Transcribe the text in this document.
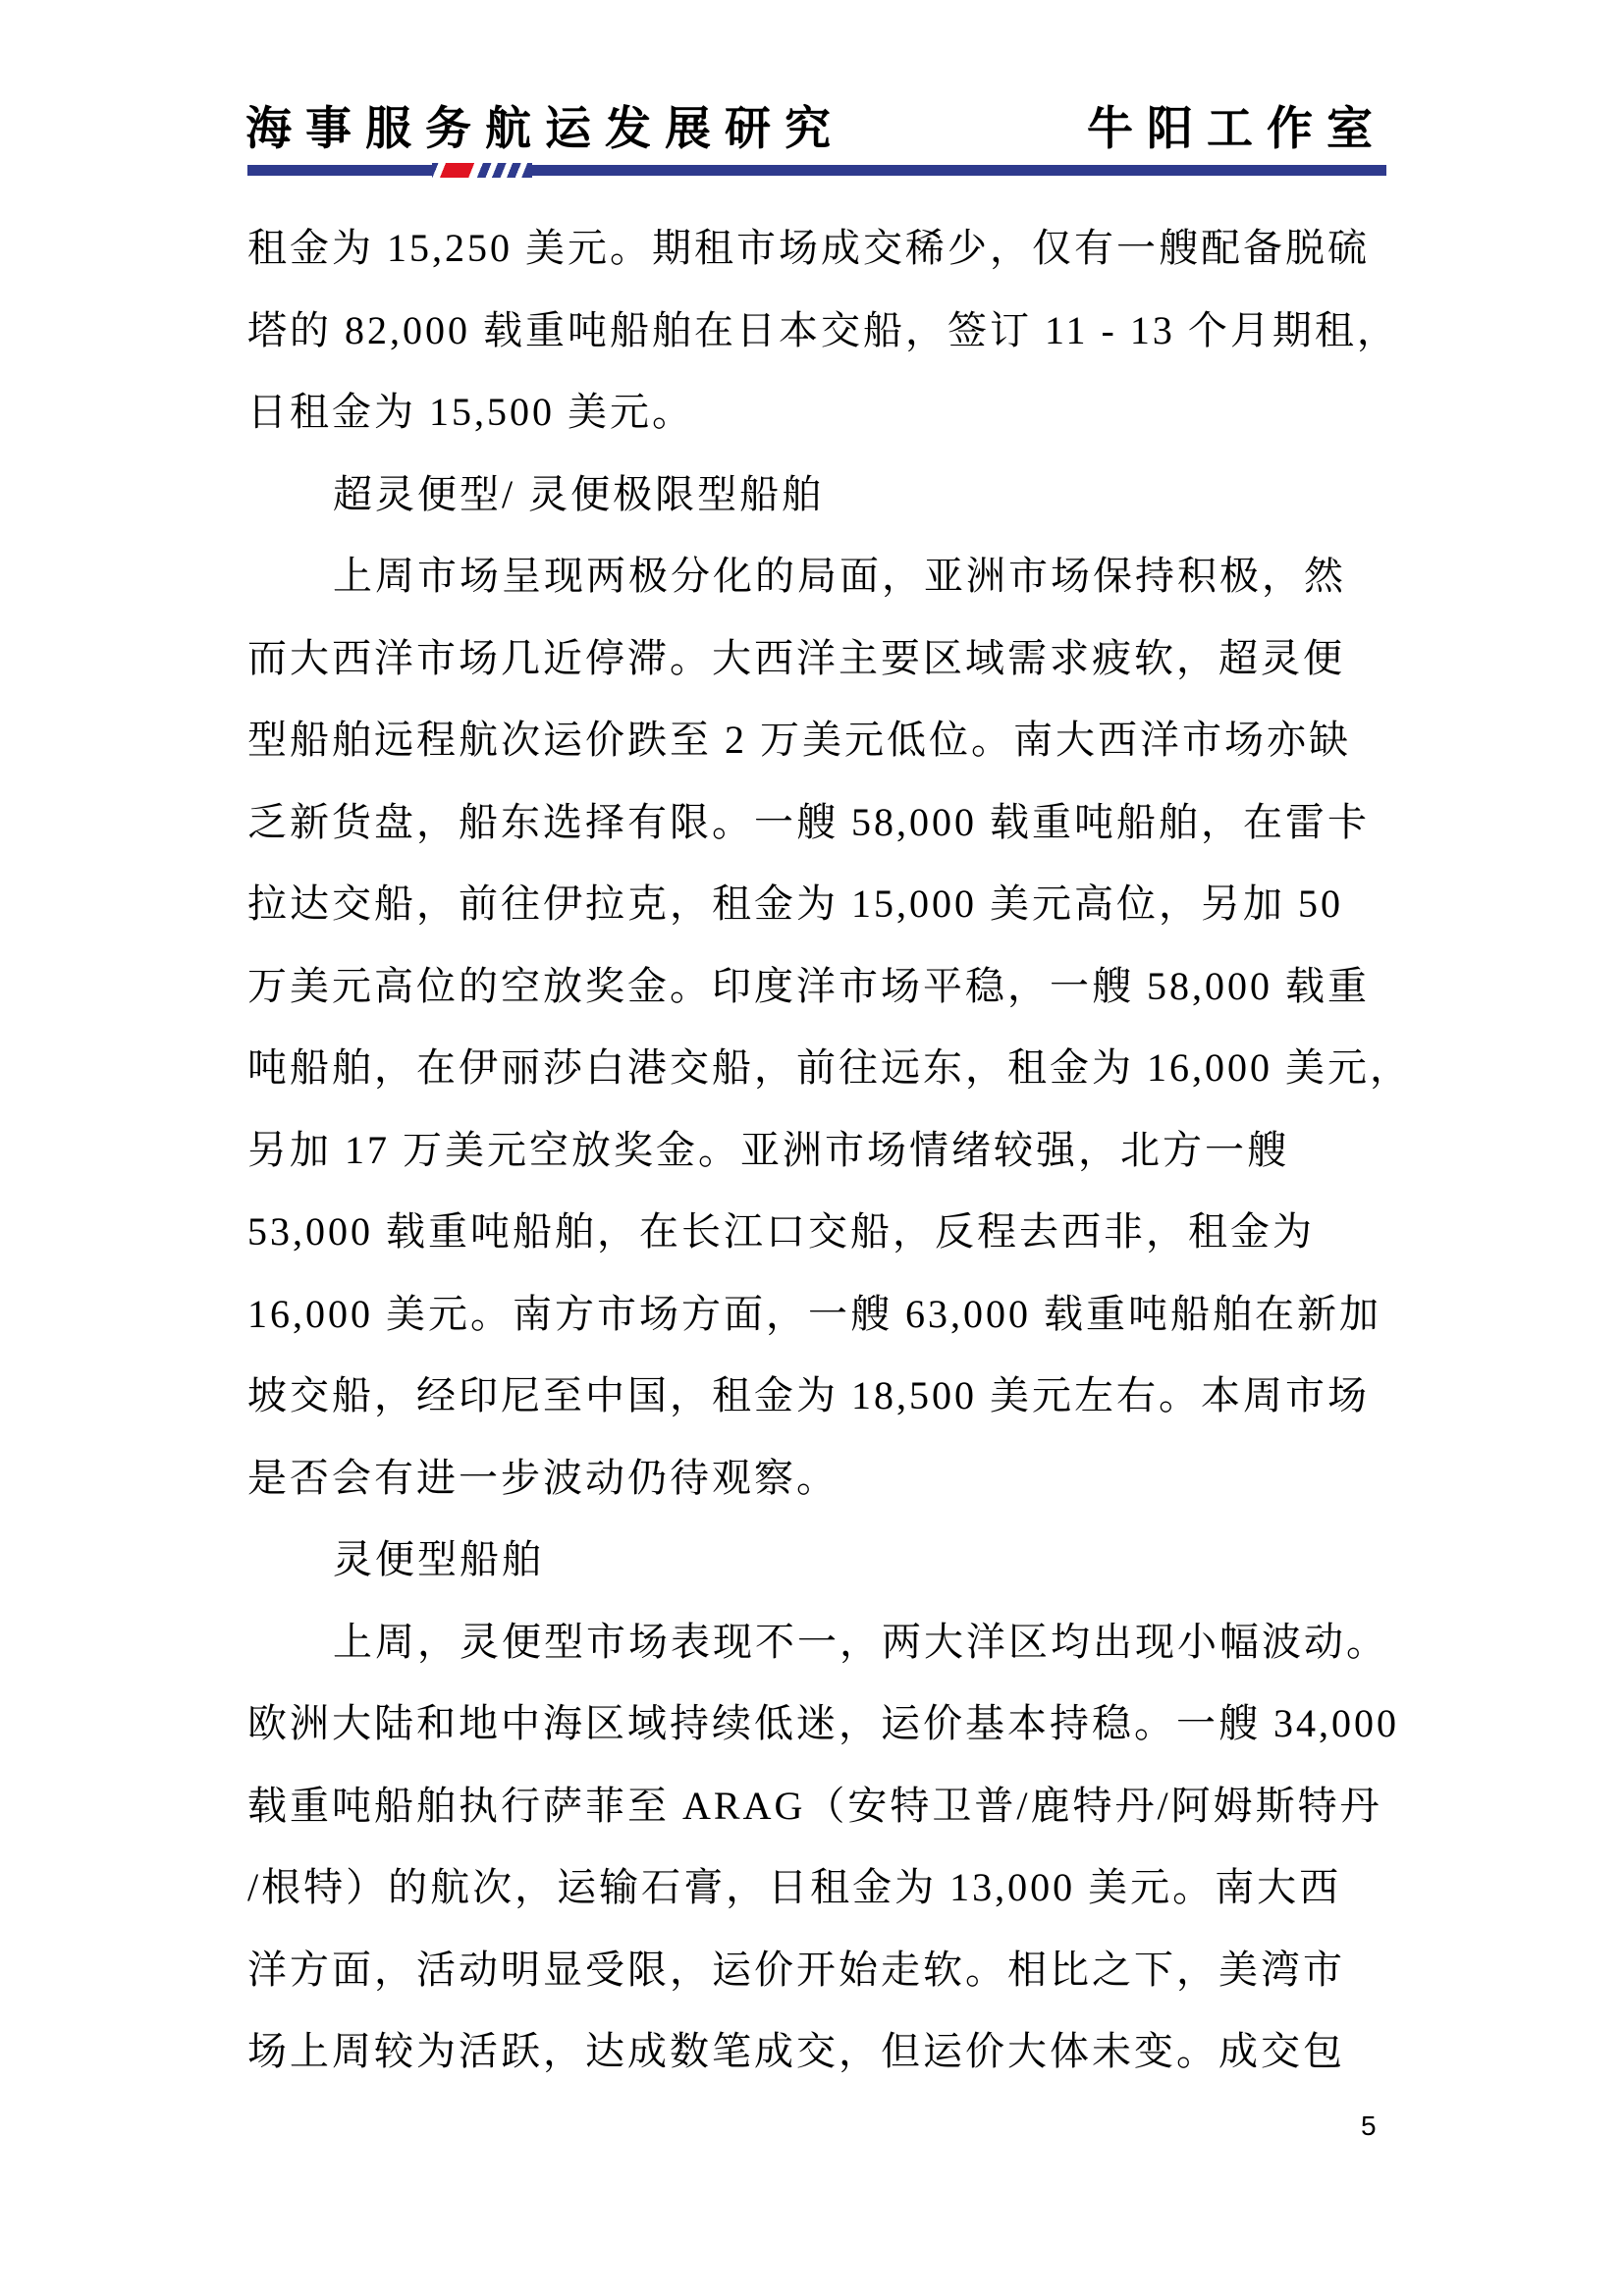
海事服务航运发展研究	牛阳工作室
租金为 15,250 美元。期租市场成交稀少，仅有一艘配备脱硫
塔的 82,000 载重吨船舶在日本交船，签订 11 - 13 个月期租，
日租金为 15,500 美元。
超灵便型/ 灵便极限型船舶
上周市场呈现两极分化的局面，亚洲市场保持积极，然
而大西洋市场几近停滞。大西洋主要区域需求疲软，超灵便
型船舶远程航次运价跌至 2 万美元低位。南大西洋市场亦缺
乏新货盘，船东选择有限。一艘 58,000 载重吨船舶，在雷卡
拉达交船，前往伊拉克，租金为 15,000 美元高位，另加 50
万美元高位的空放奖金。印度洋市场平稳，一艘 58,000 载重
吨船舶，在伊丽莎白港交船，前往远东，租金为 16,000 美元，
另加 17 万美元空放奖金。亚洲市场情绪较强，北方一艘
53,000 载重吨船舶，在长江口交船，反程去西非，租金为
16,000 美元。南方市场方面，一艘 63,000 载重吨船舶在新加
坡交船，经印尼至中国，租金为 18,500 美元左右。本周市场
是否会有进一步波动仍待观察。
灵便型船舶
上周，灵便型市场表现不一，两大洋区均出现小幅波动。
欧洲大陆和地中海区域持续低迷，运价基本持稳。一艘 34,000
载重吨船舶执行萨菲至 ARAG（安特卫普/鹿特丹/阿姆斯特丹
/根特）的航次，运输石膏，日租金为 13,000 美元。南大西
洋方面，活动明显受限，运价开始走软。相比之下，美湾市
场上周较为活跃，达成数笔成交，但运价大体未变。成交包
5
